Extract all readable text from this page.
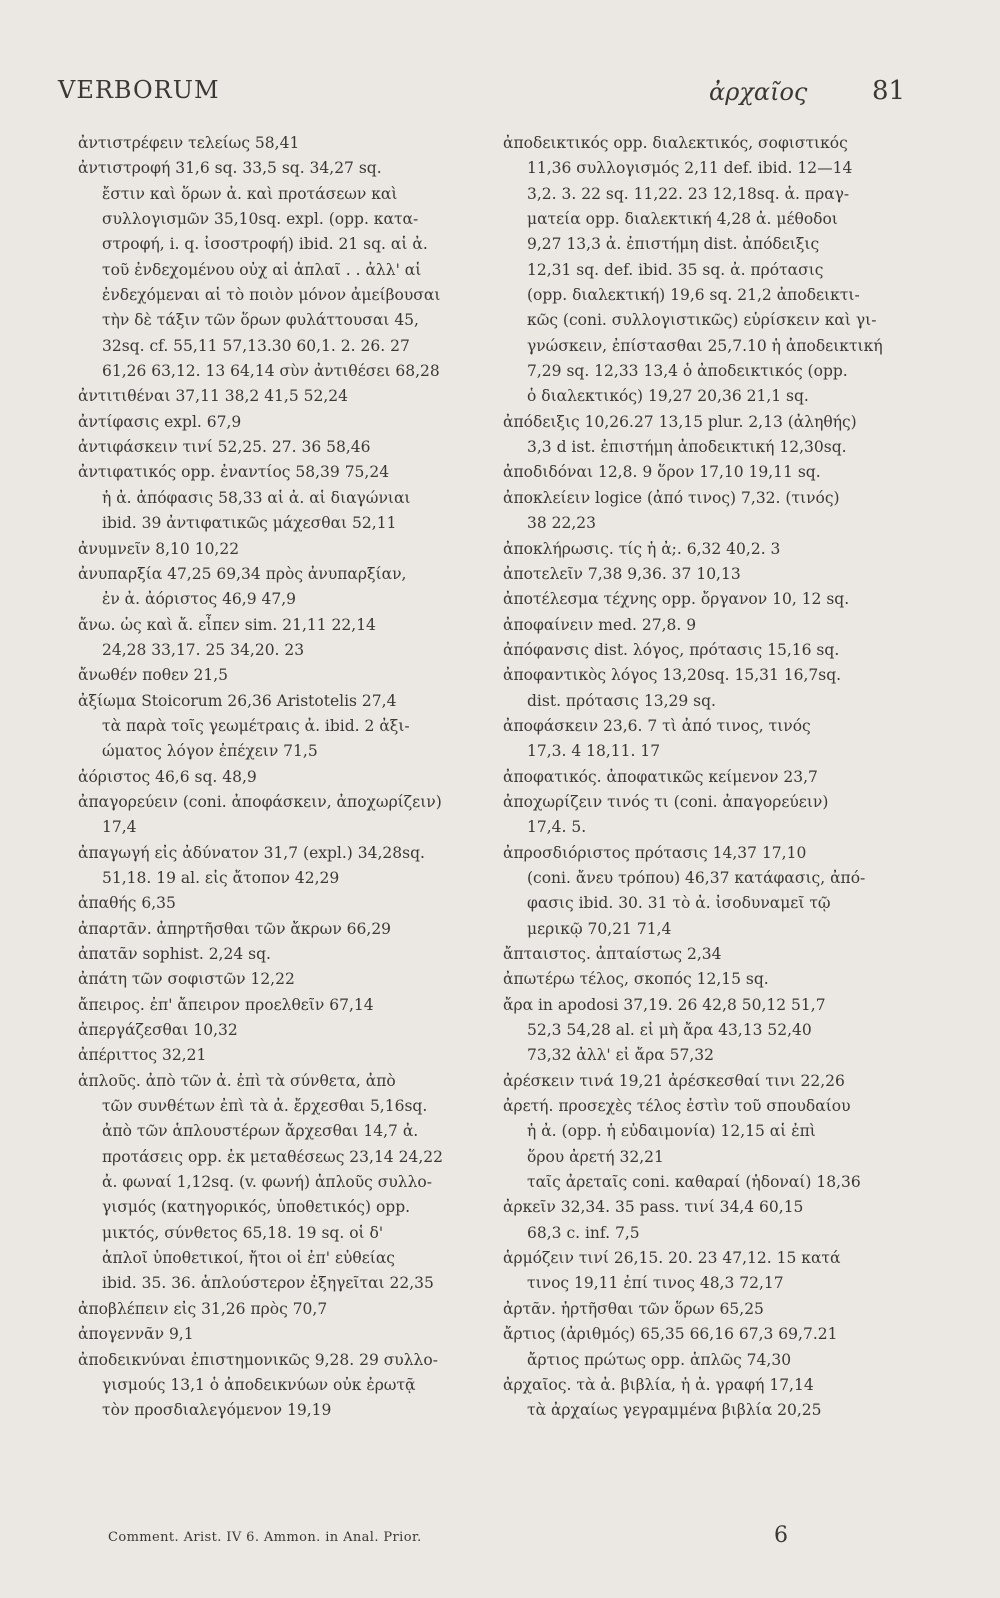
VERBORUM	ἀρχαῖος 81
ἀντιστρέφειν τελείως 58,41
ἀντιστροφή 31,6 sq. 33,5 sq. 34,27 sq.
ἔστιν καὶ ὅρων ἀ. καὶ προτάσεων καὶ
συλλογισμῶν 35,10sq. expl. (opp. κατα-
στροφή, i. q. ἰσοστροφή) ibid. 21 sq. αἱ ἀ.
τοῦ ἐνδεχομένου οὐχ αἱ ἁπλαῖ . . ἀλλ' αἱ
ἐνδεχόμεναι αἱ τὸ ποιὸν μόνον ἀμείβουσαι
τὴν δὲ τάξιν τῶν ὅρων φυλάττουσαι 45,
32sq. cf. 55,11 57,13.30 60,1. 2. 26. 27
61,26 63,12. 13 64,14 σὺν ἀντιθέσει 68,28
ἀντιτιθέναι 37,11 38,2 41,5 52,24
ἀντίφασις expl. 67,9
ἀντιφάσκειν τινί 52,25. 27. 36 58,46
ἀντιφατικός opp. ἐναντίος 58,39 75,24
ἡ ἀ. ἀπόφασις 58,33 αἱ ἀ. αἱ διαγώνιαι
ibid. 39 ἀντιφατικῶς μάχεσθαι 52,11
ἀνυμνεῖν 8,10 10,22
ἀνυπαρξία 47,25 69,34 πρὸς ἀνυπαρξίαν,
ἐν ἀ. ἀόριστος 46,9 47,9
ἄνω. ὡς καὶ ἄ. εἶπεν sim. 21,11 22,14
24,28 33,17. 25 34,20. 23
ἄνωθέν ποθεν 21,5
ἀξίωμα Stoicorum 26,36 Aristotelis 27,4
τὰ παρὰ τοῖς γεωμέτραις ἀ. ibid. 2 ἀξι-
ώματος λόγον ἐπέχειν 71,5
ἀόριστος 46,6 sq. 48,9
ἀπαγορεύειν (coni. ἀποφάσκειν, ἀποχωρίζειν)
17,4
ἀπαγωγή εἰς ἀδύνατον 31,7 (expl.) 34,28sq.
51,18. 19 al. εἰς ἄτοπον 42,29
ἀπαθής 6,35
ἀπαρτᾶν. ἀπηρτῆσθαι τῶν ἄκρων 66,29
ἀπατᾶν sophist. 2,24 sq.
ἀπάτη τῶν σοφιστῶν 12,22
ἄπειρος. ἐπ' ἄπειρον προελθεῖν 67,14
ἀπεργάζεσθαι 10,32
ἀπέριττος 32,21
ἁπλοῦς. ἀπὸ τῶν ἀ. ἐπὶ τὰ σύνθετα, ἀπὸ
τῶν συνθέτων ἐπὶ τὰ ἀ. ἔρχεσθαι 5,16sq.
ἀπὸ τῶν ἁπλουστέρων ἄρχεσθαι 14,7 ἀ.
προτάσεις opp. ἐκ μεταθέσεως 23,14 24,22
ἀ. φωναί 1,12sq. (v. φωνή) ἁπλοῦς συλλο-
γισμός (κατηγορικός, ὑποθετικός) opp.
μικτός, σύνθετος 65,18. 19 sq. οἱ δ'
ἁπλοῖ ὑποθετικοί, ἤτοι οἱ ἐπ' εὐθείας
ibid. 35. 36. ἁπλούστερον ἐξηγεῖται 22,35
ἀποβλέπειν εἰς 31,26 πρὸς 70,7
ἀπογεννᾶν 9,1
ἀποδεικνύναι ἐπιστημονικῶς 9,28. 29 συλλο-
γισμούς 13,1 ὁ ἀποδεικνύων οὐκ ἐρωτᾷ
τὸν προσδιαλεγόμενον 19,19
ἀποδεικτικός opp. διαλεκτικός, σοφιστικός
11,36 συλλογισμός 2,11 def. ibid. 12—14
3,2. 3. 22 sq. 11,22. 23 12,18sq. ἀ. πραγ-
ματεία opp. διαλεκτική 4,28 ἀ. μέθοδοι
9,27 13,3 ἀ. ἐπιστήμη dist. ἀπόδειξις
12,31 sq. def. ibid. 35 sq. ἀ. πρότασις
(opp. διαλεκτική) 19,6 sq. 21,2 ἀποδεικτι-
κῶς (coni. συλλογιστικῶς) εὑρίσκειν καὶ γι-
γνώσκειν, ἐπίστασθαι 25,7.10 ἡ ἀποδεικτική
7,29 sq. 12,33 13,4 ὁ ἀποδεικτικός (opp.
ὁ διαλεκτικός) 19,27 20,36 21,1 sq.
ἀπόδειξις 10,26.27 13,15 plur. 2,13 (ἀληθής)
3,3 d ist. ἐπιστήμη ἀποδεικτική 12,30sq.
ἀποδιδόναι 12,8. 9 ὅρον 17,10 19,11 sq.
ἀποκλείειν logice (ἀπό τινος) 7,32. (τινός)
38 22,23
ἀποκλήρωσις. τίς ἡ ἀ;. 6,32 40,2. 3
ἀποτελεῖν 7,38 9,36. 37 10,13
ἀποτέλεσμα τέχνης opp. ὄργανον 10, 12 sq.
ἀποφαίνειν med. 27,8. 9
ἀπόφανσις dist. λόγος, πρότασις 15,16 sq.
ἀποφαντικὸς λόγος 13,20sq. 15,31 16,7sq.
dist. πρότασις 13,29 sq.
ἀποφάσκειν 23,6. 7 τὶ ἀπό τινος, τινός
17,3. 4 18,11. 17
ἀποφατικός. ἀποφατικῶς κείμενον 23,7
ἀποχωρίζειν τινός τι (coni. ἀπαγορεύειν)
17,4. 5.
ἀπροσδιόριστος πρότασις 14,37 17,10
(coni. ἄνευ τρόπου) 46,37 κατάφασις, ἀπό-
φασις ibid. 30. 31 τὸ ἀ. ἰσοδυναμεῖ τῷ
μερικῷ 70,21 71,4
ἄπταιστος. ἀπταίστως 2,34
ἀπωτέρω τέλος, σκοπός 12,15 sq.
ἄρα in apodosi 37,19. 26 42,8 50,12 51,7
52,3 54,28 al. εἰ μὴ ἄρα 43,13 52,40
73,32 ἀλλ' εἰ ἄρα 57,32
ἀρέσκειν τινά 19,21 ἀρέσκεσθαί τινι 22,26
ἀρετή. προσεχὲς τέλος ἐστὶν τοῦ σπουδαίου
ἡ ἀ. (opp. ἡ εὐδαιμονία) 12,15 αἱ ἐπὶ
ὅρου ἀρετή 32,21
ταῖς ἀρεταῖς coni. καθαραί (ἡδοναί) 18,36
ἀρκεῖν 32,34. 35 pass. τινί 34,4 60,15
68,3 c. inf. 7,5
ἁρμόζειν τινί 26,15. 20. 23 47,12. 15 κατά
τινος 19,11 ἐπί τινος 48,3 72,17
ἀρτᾶν. ἠρτῆσθαι τῶν ὅρων 65,25
ἄρτιος (ἀριθμός) 65,35 66,16 67,3 69,7.21
ἄρτιος πρώτως opp. ἁπλῶς 74,30
ἀρχαῖος. τὰ ἀ. βιβλία, ἡ ἀ. γραφή 17,14
τὰ ἀρχαίως γεγραμμένα βιβλία 20,25
Comment. Arist. IV 6. Ammon. in Anal. Prior.	6
